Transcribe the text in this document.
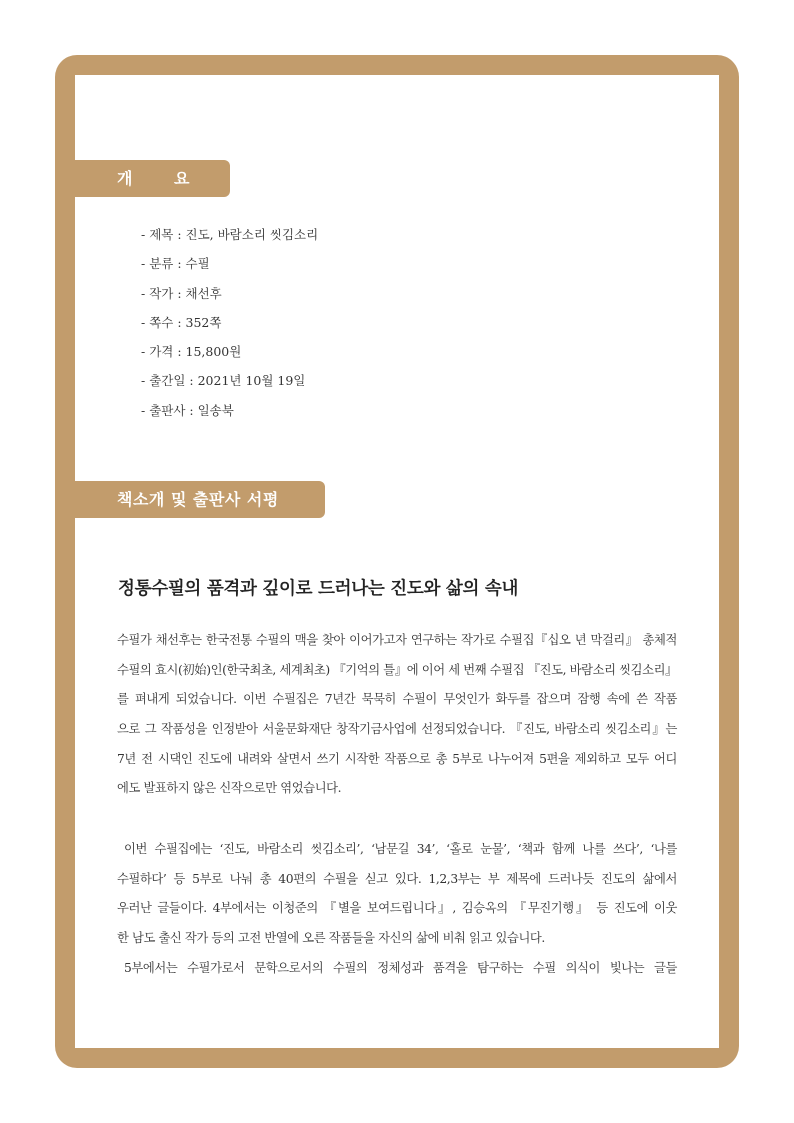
개 요
- 제목 : 진도, 바람소리 씻김소리
- 분류 : 수필
- 작가 : 채선후
- 쪽수 : 352쪽
- 가격 : 15,800원
- 출간일 : 2021년 10월 19일
- 출판사 : 일송북
책소개 및 출판사 서평
정통수필의 품격과 깊이로 드러나는 진도와 삶의 속내
수필가 채선후는 한국전통 수필의 맥을 찾아 이어가고자 연구하는 작가로 수필집『십오 년 막걸리』 총체적
수필의 효시(初始)인(한국최초, 세계최초) 『기억의 틀』에 이어 세 번째 수필집 『진도, 바람소리 씻김소리』
를 펴내게 되었습니다. 이번 수필집은 7년간 묵묵히 수필이 무엇인가 화두를 잡으며 잠행 속에 쓴 작품
으로 그 작품성을 인정받아 서울문화재단 창작기금사업에 선정되었습니다. 『진도, 바람소리 씻김소리』는
7년 전 시댁인 진도에 내려와 살면서 쓰기 시작한 작품으로 총 5부로 나누어져 5편을 제외하고 모두 어디
에도 발표하지 않은 신작으로만 엮었습니다.
이번 수필집에는 ‘진도, 바람소리 씻김소리’, ‘남문길 34’, ‘홀로 눈물’, ‘책과 함께 나를 쓰다’, ‘나를
수필하다’ 등 5부로 나눠 총 40편의 수필을 싣고 있다. 1,2,3부는 부 제목에 드러나듯 진도의 삶에서
우러난 글들이다. 4부에서는 이청준의 『별을 보여드립니다』, 김승옥의 『무진기행』 등 진도에 이웃
한 남도 출신 작가 등의 고전 반열에 오른 작품들을 자신의 삶에 비춰 읽고 있습니다.
5부에서는 수필가로서 문학으로서의 수필의 정체성과 품격을 탐구하는 수필 의식이 빛나는 글들
